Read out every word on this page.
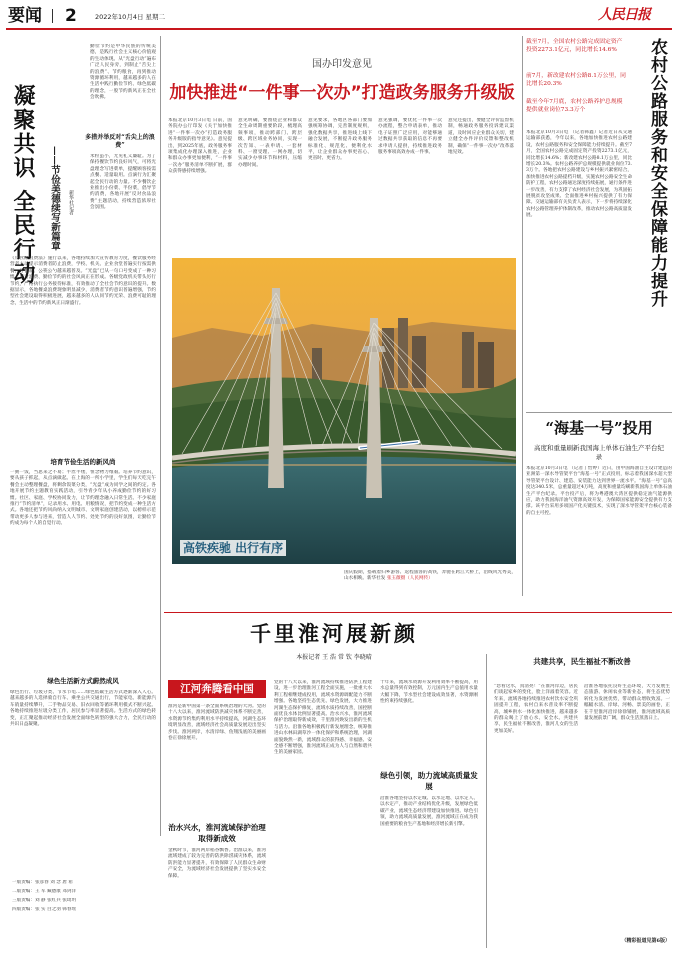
要闻 2	2022年10月4日 星期二	人民日报
凝聚共识 全民行动	——节俭美德续写新篇章	新华社记者
勤俭节约是中华民族的传统美德，是践行社会主义核心价值观的生动体现。从“光盘行动”遍布广泛人民身旁，到制止“舌尖上的浪费”、节约粮食，再到推动资源循环利用，越来越多的人在生活中践行勤俭节约、绿色低碳的理念，一股节约新风正在全社会吹拂。
多措并举反对“舌尖上的浪费”
米粒虽小，尤见礼义廉耻。为了保持餐饮节约良好风气，可将光盘理念写进菜单，提醒顾客按需点餐、适量取用。点滴行为汇聚起全民行动的力量。不少餐饮企业推出小份菜、半份菜，倡导节约消费，各地开展“反对食品浪费”主题活动，持续营造浓厚社会氛围。
《反食品浪费法》施行以来，各地持续加大宣传教育力度，餐饮服务经营者主动提示消费者防止浪费，学校、机关、企业食堂普遍实行按需供餐，分餐制、公筷公勺越来越普及。“光盘”已从一句口号变成了一种习惯，反对浪费、勤俭节约的社会风尚正在形成。各级党政机关带头厉行节约，严格执行公务接待标准，有效推动了全社会节约意识的提升。数据显示，各地餐桌浪费现象明显减少，消费者节约意识普遍增强，节约型社会建设取得积极进展，越来越多的人认同节约光荣、浪费可耻的理念，生活中的节约新风正日渐盛行。
培育节俭生活的新风尚
一粥一饭，当思来之不易；半丝半缕，恒念物力维艰。培养节约意识，要从孩子抓起，从点滴做起。在上海的一所小学里，学生们每天吃完午餐会主动整理餐盘，将剩余饭菜分类，“光盘”成为同学之间的约定。各地开展节约主题教育实践活动，引导青少年从小养成勤俭节约的好习惯。社区、家庭、学校协同发力，让节约理念融入日常生活。不少家庭推行“节约清单”，记录用水、用电、用粮情况，把节约变成一种生活方式。各地还把节约风尚纳入文明城市、文明家庭创建活动，以榜样示范带动更多人参与进来，营造人人节约、处处节约的良好氛围，让勤俭节约成为每个人的自觉行动。
绿色生活新方式蔚然成风
绿色出行、垃圾分类、节水节电……绿色低碳生活方式逐渐深入人心。越来越多的人选择骑自行车、乘坐公共交通出行，节能家电、新能源汽车销量持续攀升，二手物品交易、旧衣回收等循环利用模式不断兴起。各地持续推进垃圾分类工作，居民参与率显著提高。生活方式的绿色转变，正汇聚起推动经济社会发展全面绿色转型的强大合力，全民行动的共识日益凝聚。
一版责编：张彦春 刘 念 唐 希
二版责编：王 军 臧德康 邓剑洋
三版责编：刘 静 张红兵 张琦玥
四版责编：张 实 白之羽 韩春瑶
国办印发意见
加快推进“一件事一次办”打造政务服务升级版
本报北京10月3日电 日前，国务院办公厅印发《关于加快推进“一件事一次办”打造政务服务升级版的指导意见》。意见提出，到2025年底，政务服务事项集成化办理深入推进，企业和群众办事更加便利，“一件事一次办”服务清单不断扩展，群众获得感持续增强。
意见明确，要围绕企业和群众全生命周期重要阶段，梳理高频事项，推动跨部门、跨层级、跨区域业务协同，实现一次告知、一表申请、一套材料、一窗受理、一网办理，切实减少办事环节和材料，压缩办理时间。
意见要求，各地区各部门要加强统筹协调，完善制度规则，强化数据共享，推进线上线下融合发展，不断提升政务服务标准化、规范化、便利化水平，让企业群众办事更省心、更省时、更省力。
意见强调，要优化一件事一次办流程，整合申请表单，推动电子证照广泛应用，对能够通过数据共享获取的信息不再要求申请人提供，持续推进政务服务事项高效办成一件事。
意见还提出，要健全评价监督机制，畅通政务服务投诉建议渠道，及时回应企业群众关切，建立健全办件评价反馈和整改机制，确保“一件事一次办”改革落地见效。
高铁疾驰 出行有序
国庆假期，搭载着归乡游客、返程旅客的高铁，奔驰在跨江大桥上，沿线风光秀美，山水相映。新华社发 张玉薇摄（人民网传）
截至7月，全国农村公路完成固定资产投资2273.1亿元，同比增长14.6%
前7月，新改建农村公路8.1万公里，同比增长20.3%
截至今年7月底，农村公路养护总规模提供就业岗位73.3万个	农村公路服务和安全保障能力提升
本报北京10月3日电 （记者韩鑫）记者近日从交通运输部获悉，今年以来，各地加快推进农村公路建设，农村公路服务和安全保障能力持续提升。截至7月，全国农村公路完成固定资产投资2273.1亿元，同比增长14.6%；新改建农村公路8.1万公里，同比增长20.3%。农村公路养护总规模提供就业岗位73.3万个。各地把农村公路建设与乡村振兴紧密结合，加快推进农村公路提档升级，实施农村公路安全生命防护工程，农村公路通达深度持续拓展，通行条件进一步改善，有力支撑了农村经济社会发展，为巩固拓展脱贫攻坚成果、全面推进乡村振兴提供了有力保障。交通运输部有关负责人表示，下一步将持续深化农村公路管理养护体制改革，推动农村公路高质量发展。
“海基一号”投用
高度和重量刷新我国海上单体石油生产平台纪录
本报北京10月3日电 （记者丁怡婷）近日，由中国海油自主设计建造的亚洲第一深水导管架平台“海基一号”正式投用，标志着我国深水超大型导管架平台设计、建造、安装能力达到世界一流水平。“海基一号”总高度达340.5米，总重量超过4万吨，高度和重量均刷新我国海上单体石油生产平台纪录。平台投产后，将为粤港澳大湾区提供稳定油气能源供应，助力我国海洋油气资源高效开发，为保障国家能源安全提供有力支撑。该平台采用多项国产化关键技术，实现了深水导管架平台核心装备的自主可控。
千里淮河展新颜
本报记者 王 浩 常 钦 李晓晴
江河奔腾看中国
淮河是新中国第一条全面系统治理的大河。党的十八大以来，淮河流域防洪减灾体系不断完善，水资源节约集约利用水平持续提高，河湖生态环境明显改善，流域经济社会高质量发展迈出坚实步伐。淮河两岸，水清岸绿、鱼翔浅底的美丽画卷正徐徐展开。
治水兴水，淮河流域保护治理取得新成效
金秋时节，淮河两岸稻谷飘香。治淮以来，淮河流域建成了较为完善的防洪除涝减灾体系，流域防洪能力显著提升，有效保障了人民群众生命财产安全，为流域经济社会发展提供了坚实水安全保障。
党的十八大以来，淮河流域持续推进防洪工程建设，进一步治理淮河工程全面实施，一批重大水利工程相继建成投用，流域水资源调配能力不断增强。各地坚持生态优先、绿色发展，大力推进河湖生态保护修复，流域水质持续改善，国控断面优良水体比例显著提高。治水兴水，淮河流域保护治理取得新成效，千里淮河焕发出新的生机与活力。沿淮各地积极践行新发展理念，统筹推进山水林田湖草沙一体化保护和系统治理，河湖面貌焕然一新，流域群众的获得感、幸福感、安全感不断增强，淮河流域正成为人与自然和谐共生的美丽家园。
十年来，流域水资源开发利用效率不断提高，用水总量得到有效控制，万元国内生产总值用水量大幅下降，节水型社会建设成效显著，水资源刚性约束持续强化。
绿色引领，助力流域高质量发展
沿淮各地坚持以水定城、以水定地、以水定人、以水定产，推动产业结构优化升级，发展绿色低碳产业，流域生态经济带建设加快推进。绿色引领，助力流域高质量发展，淮河流域正在成为我国重要的粮食生产基地和经济增长新引擎。
共建共享，民生福祉不断改善
“您看这水，真清亮！”在淮河岸边，居民们谈起家乡的变化，脸上洋溢着笑容。近年来，流域各地持续推进农村饮水安全巩固提升工程，农村自来水普及率不断提高，城乡供水一体化加快推进，越来越多的群众喝上了放心水、安全水。共建共享，民生福祉不断改善，淮河儿女的生活更加美好。
沿淮各地依托良好生态环境，大力发展生态旅游、休闲农业等新业态，将生态优势转化为发展优势，带动群众增收致富。一幅幅水清、岸绿、河畅、景美的画卷，正在千里淮河沿岸徐徐铺展，淮河流域高质量发展前景广阔，群众生活蒸蒸日上。
（精彩报道见第6版）
